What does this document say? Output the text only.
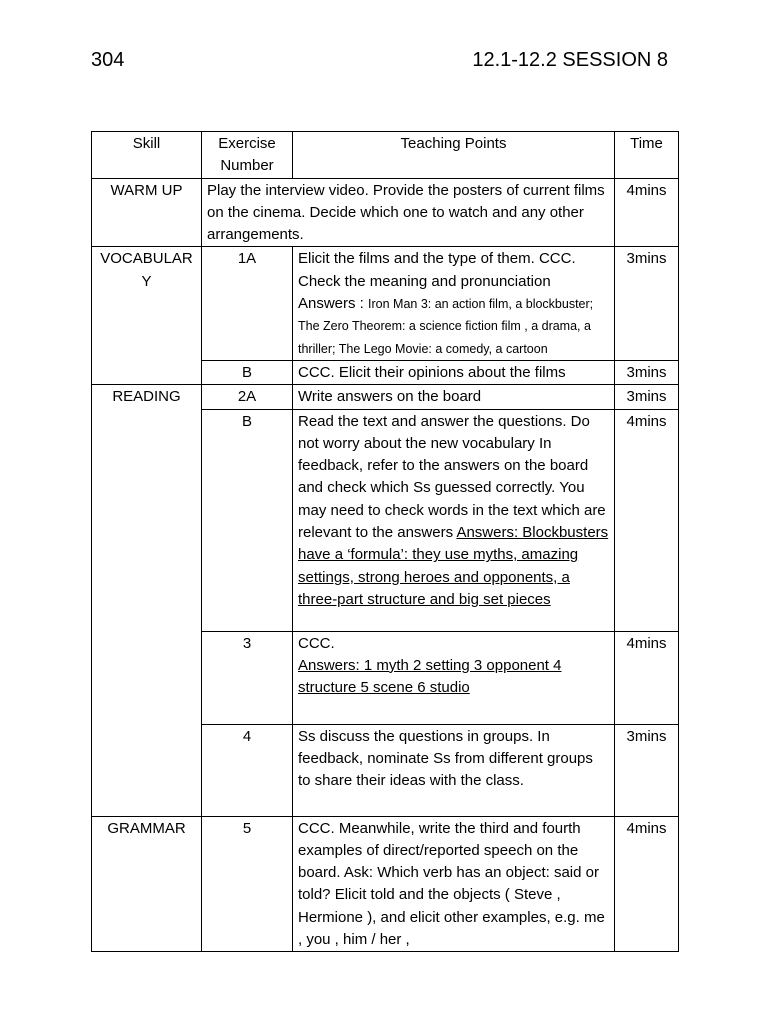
304	12.1-12.2 SESSION 8
Skill	Exercise Number	Teaching Points	Time
WARM UP	Play the interview video. Provide the posters of current films on the cinema. Decide which one to watch and any other arrangements.		4mins
VOCABULARY	1A	Elicit the films and the type of them. CCC.
Check the meaning and pronunciation
Answers : Iron Man 3: an action film, a blockbuster; The Zero Theorem: a science fiction film , a drama, a thriller; The Lego Movie: a comedy, a cartoon	3mins
	B	CCC. Elicit their opinions about the films	3mins
READING	2A	Write answers on the board	3mins
	B	Read the text and answer the questions. Do not worry about the new vocabulary In feedback, refer to the answers on the board and check which Ss guessed correctly. You may need to check words in the text which are relevant to the answers Answers: Blockbusters have a ‘formula’: they use myths, amazing settings, strong heroes and opponents, a three-part structure and big set pieces	4mins
	3	CCC.
Answers: 1 myth 2 setting 3 opponent 4 structure 5 scene 6 studio	4mins
	4	Ss discuss the questions in groups. In feedback, nominate Ss from different groups to share their ideas with the class.	3mins
GRAMMAR	5	CCC. Meanwhile, write the third and fourth examples of direct/reported speech on the board. Ask: Which verb has an object: said or told? Elicit told and the objects ( Steve , Hermione ), and elicit other examples, e.g. me , you , him / her ,	4mins
